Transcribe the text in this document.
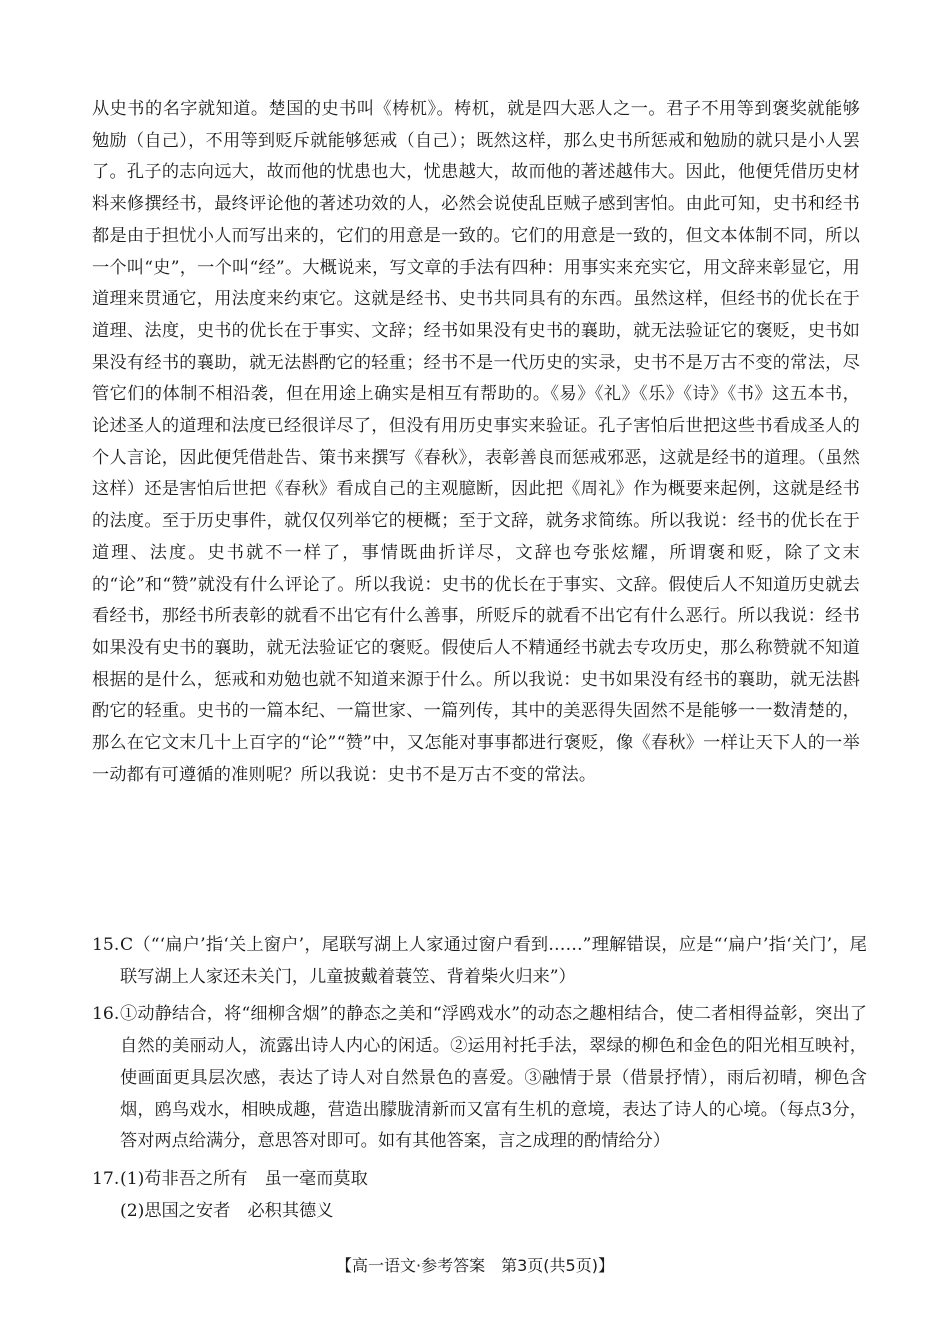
从史书的名字就知道。楚国的史书叫《梼杌》。梼杌，就是四大恶人之一。君子不用等到褒奖就能够勉励（自己），不用等到贬斥就能够惩戒（自己）；既然这样，那么史书所惩戒和勉励的就只是小人罢了。孔子的志向远大，故而他的忧患也大，忧患越大，故而他的著述越伟大。因此，他便凭借历史材料来修撰经书，最终评论他的著述功效的人，必然会说使乱臣贼子感到害怕。由此可知，史书和经书都是由于担忧小人而写出来的，它们的用意是一致的。它们的用意是一致的，但文本体制不同，所以一个叫“史”，一个叫“经”。大概说来，写文章的手法有四种：用事实来充实它，用文辞来彰显它，用道理来贯通它，用法度来约束它。这就是经书、史书共同具有的东西。虽然这样，但经书的优长在于道理、法度，史书的优长在于事实、文辞；经书如果没有史书的襄助，就无法验证它的褒贬，史书如果没有经书的襄助，就无法斟酌它的轻重；经书不是一代历史的实录，史书不是万古不变的常法，尽管它们的体制不相沿袭，但在用途上确实是相互有帮助的。《易》《礼》《乐》《诗》《书》这五本书，论述圣人的道理和法度已经很详尽了，但没有用历史事实来验证。孔子害怕后世把这些书看成圣人的个人言论，因此便凭借赴告、策书来撰写《春秋》，表彰善良而惩戒邪恶，这就是经书的道理。（虽然这样）还是害怕后世把《春秋》看成自己的主观臆断，因此把《周礼》作为概要来起例，这就是经书的法度。至于历史事件，就仅仅列举它的梗概；至于文辞，就务求简练。所以我说：经书的优长在于道理、法度。史书就不一样了，事情既曲折详尽，文辞也夸张炫耀，所谓褒和贬，除了文末的“论”和“赞”就没有什么评论了。所以我说：史书的优长在于事实、文辞。假使后人不知道历史就去看经书，那经书所表彰的就看不出它有什么善事，所贬斥的就看不出它有什么恶行。所以我说：经书如果没有史书的襄助，就无法验证它的褒贬。假使后人不精通经书就去专攻历史，那么称赞就不知道根据的是什么，惩戒和劝勉也就不知道来源于什么。所以我说：史书如果没有经书的襄助，就无法斟酌它的轻重。史书的一篇本纪、一篇世家、一篇列传，其中的美恶得失固然不是能够一一数清楚的，那么在它文末几十上百字的“论”“赞”中，又怎能对事事都进行褒贬，像《春秋》一样让天下人的一举一动都有可遵循的准则呢？所以我说：史书不是万古不变的常法。

15. C（“‘扁户’指‘关上窗户’，尾联写湖上人家通过窗户看到……”理解错误，应是“‘扁户’指‘关门’，尾联写湖上人家还未关门，儿童披戴着蓑笠、背着柴火归来”）
16. ①动静结合，将“细柳含烟”的静态之美和“浮鸥戏水”的动态之趣相结合，使二者相得益彰，突出了自然的美丽动人，流露出诗人内心的闲适。②运用衬托手法，翠绿的柳色和金色的阳光相互映衬，使画面更具层次感，表达了诗人对自然景色的喜爱。③融情于景（借景抒情），雨后初晴，柳色含烟，鸥鸟戏水，相映成趣，营造出朦胧清新而又富有生机的意境，表达了诗人的心境。（每点3分，答对两点给满分，意思答对即可。如有其他答案，言之成理的酌情给分）
17. (1)苟非吾之所有　虽一毫而莫取
(2)思国之安者　必积其德义
【高一语文·参考答案　第3页(共5页)】
